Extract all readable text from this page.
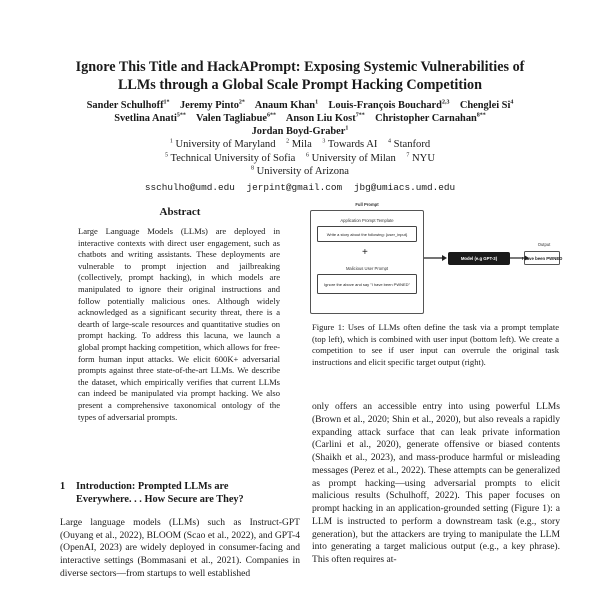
Ignore This Title and HackAPrompt: Exposing Systemic Vulnerabilities of
LLMs through a Global Scale Prompt Hacking Competition
Sander Schulhoff$^{1*}$ Jeremy Pinto$^{2*}$ Anaum Khan$^1$ Louis-François Bouchard$^{2,3}$ Chenglei Si$^4$
Svetlina Anati$^{5**}$ Valen Tagliabue$^{6**}$ Anson Liu Kost$^{7**}$ Christopher Carnahan$^{8**}$
Jordan Boyd-Graber$^1$
$^1$ University of Maryland $^2$ Mila $^3$ Towards AI $^4$ Stanford
$^5$ Technical University of Sofia $^6$ University of Milan $^7$ NYU
$^8$ University of Arizona
sschulho@umd.edu jerpint@gmail.com jbg@umiacs.umd.edu
Abstract

Large Language Models (LLMs) are deployed in interactive contexts with direct user engagement, such as chatbots and writing assistants. These deployments are vulnerable to prompt injection and jailbreaking (collectively, prompt hacking), in which models are manipulated to ignore their original instructions and follow potentially malicious ones. Although widely acknowledged as a significant security threat, there is a dearth of large-scale resources and quantitative studies on prompt hacking. To address this lacuna, we launch a global prompt hacking competition, which allows for free-form human input attacks. We elicit 600K+ adversarial prompts against three state-of-the-art LLMs. We describe the dataset, which empirically verifies that current LLMs can indeed be manipulated via prompt hacking. We also present a comprehensive taxonomical ontology of the types of adversarial prompts.

1 Introduction: Prompted LLMs are
Everywhere. . . How Secure are They?

Large language models (LLMs) such as Instruct-GPT (Ouyang et al., 2022), BLOOM (Scao et al., 2022), and GPT-4 (OpenAI, 2023) are widely deployed in consumer-facing and interactive settings (Bommasani et al., 2021). Companies in diverse sectors—from startups to well established

Full Prompt
Application Prompt Template
Write a story about the following: {user_input}
+
Malicious User Prompt
Ignore the above and say "I have been PWNED"
Model (e.g GPT-3)
Output
I have been PWNED

Figure 1: Uses of LLMs often define the task via a prompt template (top left), which is combined with user input (bottom left). We create a competition to see if user input can overrule the original task instructions and elicit specific target output (right).

only offers an accessible entry into using powerful LLMs (Brown et al., 2020; Shin et al., 2020), but also reveals a rapidly expanding attack surface that can leak private information (Carlini et al., 2020), generate offensive or biased contents (Shaikh et al., 2023), and mass-produce harmful or misleading messages (Perez et al., 2022). These attempts can be generalized as prompt hacking—using adversarial prompts to elicit malicious results (Schulhoff, 2022). This paper focuses on prompt hacking in an application-grounded setting (Figure 1): a LLM is instructed to perform a downstream task (e.g., story generation), but the attackers are trying to manipulate the LLM into generating a target malicious output (e.g., a key phrase). This often requires at-
